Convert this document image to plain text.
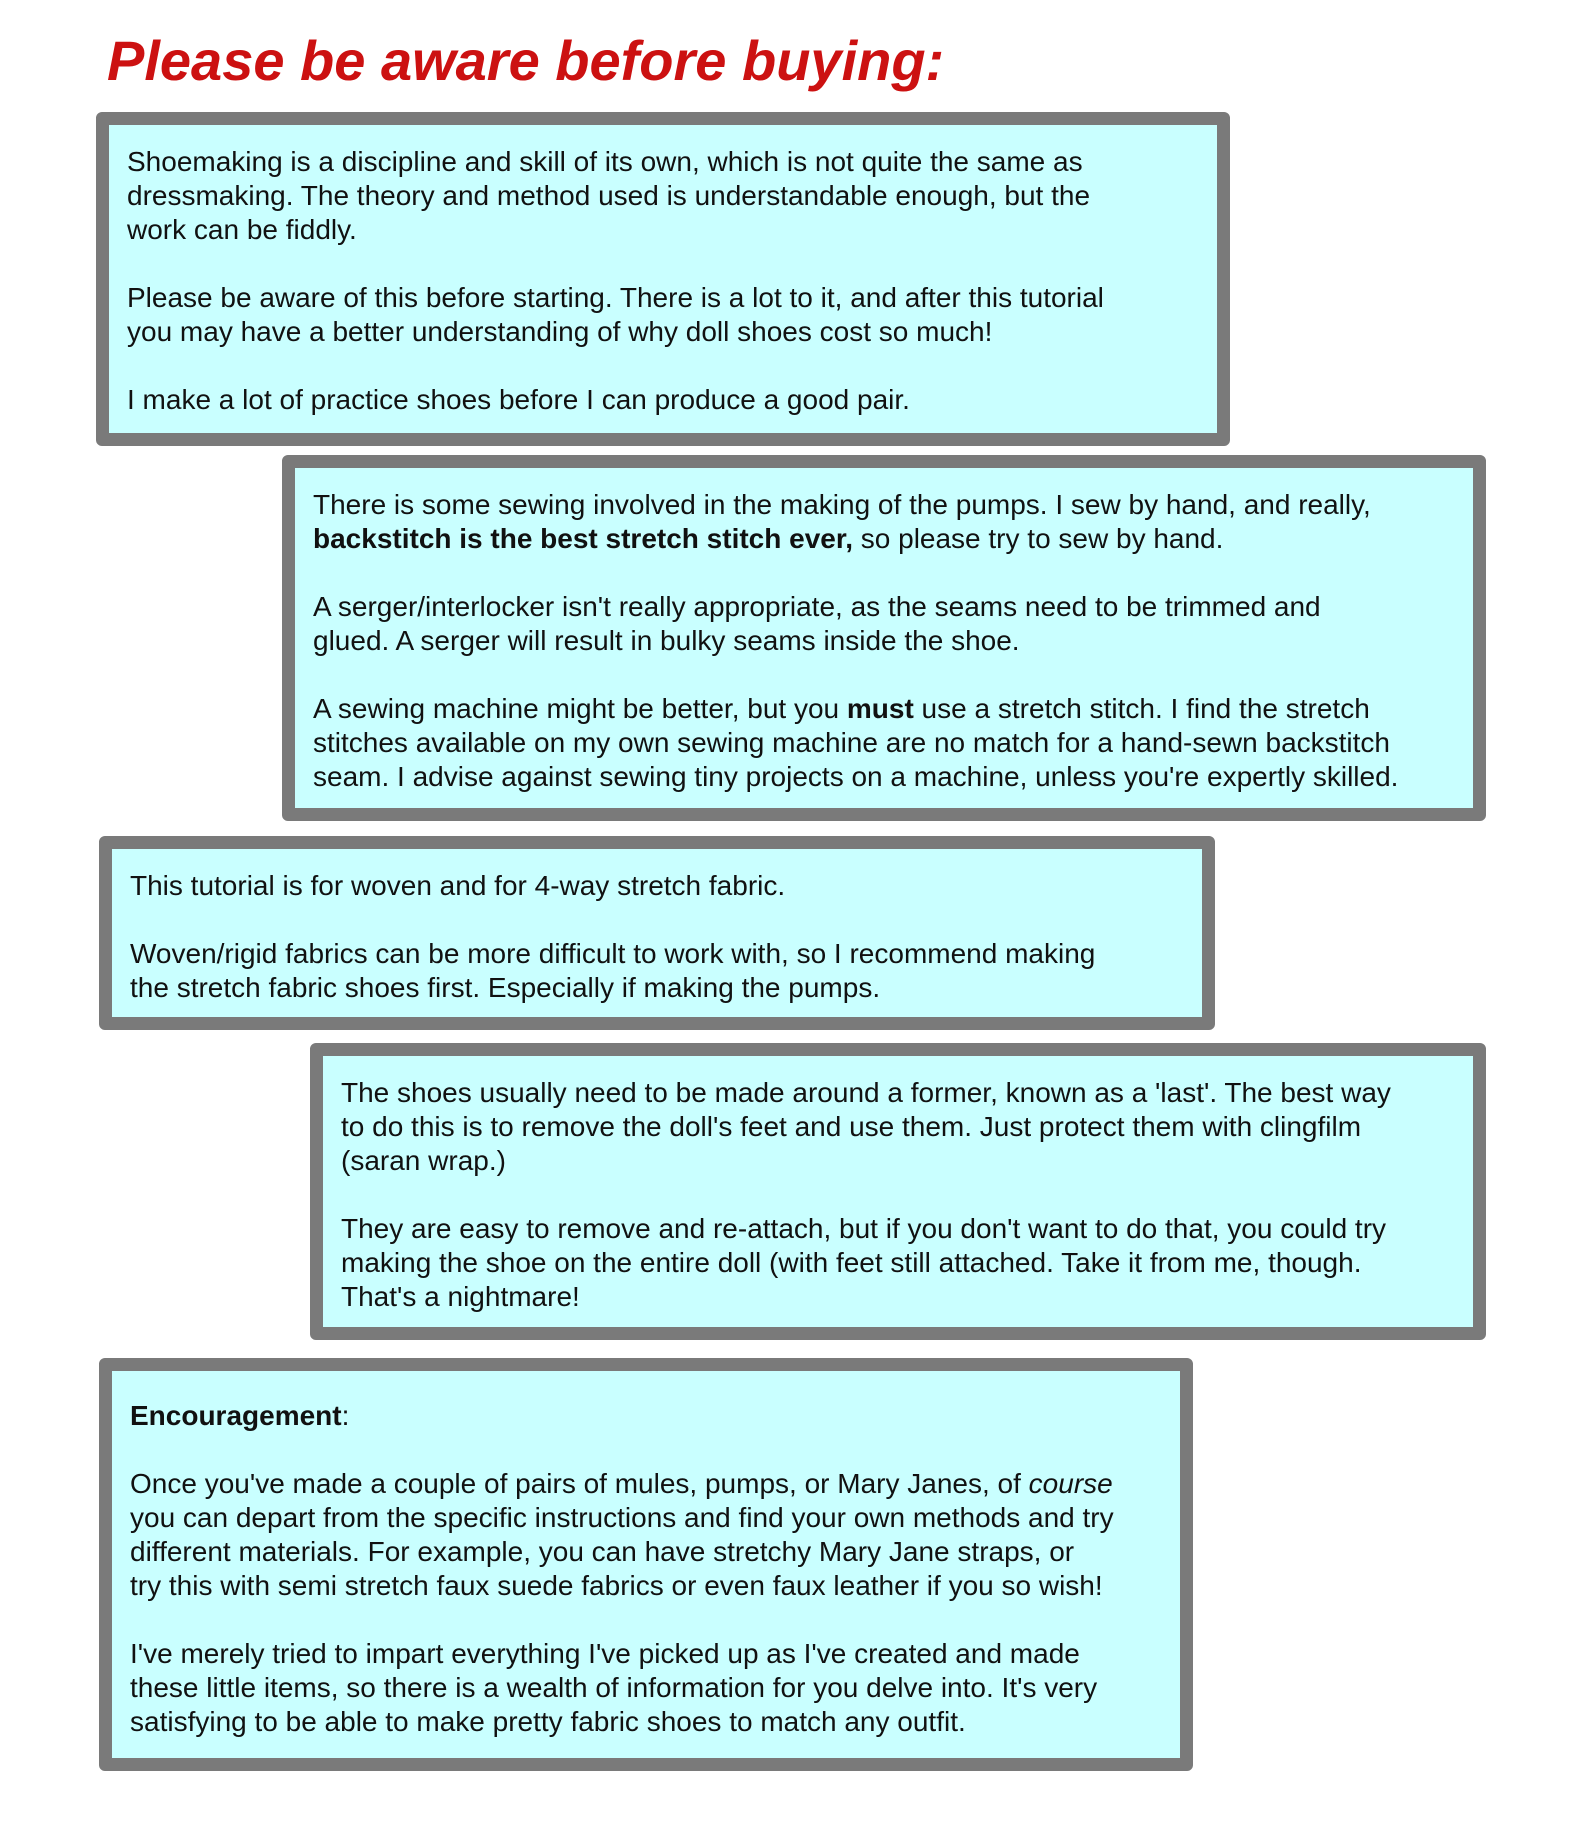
Please be aware before buying:

Shoemaking is a discipline and skill of its own, which is not quite the same as
dressmaking. The theory and method used is understandable enough, but the
work can be fiddly.

Please be aware of this before starting. There is a lot to it, and after this tutorial
you may have a better understanding of why doll shoes cost so much!

I make a lot of practice shoes before I can produce a good pair.

There is some sewing involved in the making of the pumps. I sew by hand, and really,
backstitch is the best stretch stitch ever, so please try to sew by hand.

A serger/interlocker isn't really appropriate, as the seams need to be trimmed and
glued. A serger will result in bulky seams inside the shoe.

A sewing machine might be better, but you must use a stretch stitch. I find the stretch
stitches available on my own sewing machine are no match for a hand-sewn backstitch
seam. I advise against sewing tiny projects on a machine, unless you're expertly skilled.

This tutorial is for woven and for 4-way stretch fabric.

Woven/rigid fabrics can be more difficult to work with, so I recommend making
the stretch fabric shoes first. Especially if making the pumps.

The shoes usually need to be made around a former, known as a 'last'. The best way
to do this is to remove the doll's feet and use them. Just protect them with clingfilm
(saran wrap.)

They are easy to remove and re-attach, but if you don't want to do that, you could try
making the shoe on the entire doll (with feet still attached. Take it from me, though.
That's a nightmare!

Encouragement:

Once you've made a couple of pairs of mules, pumps, or Mary Janes, of course
you can depart from the specific instructions and find your own methods and try
different materials. For example, you can have stretchy Mary Jane straps, or
try this with semi stretch faux suede fabrics or even faux leather if you so wish!

I've merely tried to impart everything I've picked up as I've created and made
these little items, so there is a wealth of information for you delve into. It's very
satisfying to be able to make pretty fabric shoes to match any outfit.
